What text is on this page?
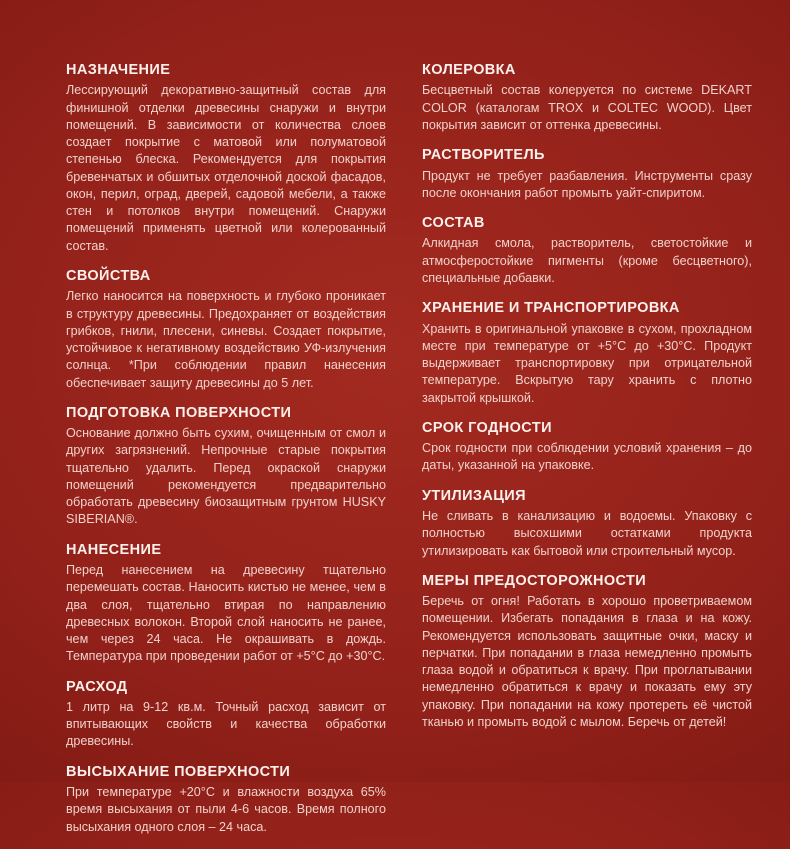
НАЗНАЧЕНИЕ

Лессирующий декоративно-защитный состав для финишной отделки древесины снаружи и внутри помещений. В зависимости от количества слоев создает покрытие с матовой или полуматовой степенью блеска. Рекомендуется для покрытия бревенчатых и обшитых отделочной доской фасадов, окон, перил, оград, дверей, садовой мебели, а также стен и потолков внутри помещений. Снаружи помещений применять цветной или колерованный состав.

СВОЙСТВА

Легко наносится на поверхность и глубоко проникает в структуру древесины. Предохраняет от воздействия грибков, гнили, плесени, синевы. Создает покрытие, устойчивое к негативному воздействию УФ-излучения солнца. *При соблюдении правил нанесения обеспечивает защиту древесины до 5 лет.

ПОДГОТОВКА ПОВЕРХНОСТИ

Основание должно быть сухим, очищенным от смол и других загрязнений. Непрочные старые покрытия тщательно удалить. Перед окраской снаружи помещений рекомендуется предварительно обработать древесину биозащитным грунтом HUSKY SIBERIAN®.

НАНЕСЕНИЕ

Перед нанесением на древесину тщательно перемешать состав. Наносить кистью не менее, чем в два слоя, тщательно втирая по направлению древесных волокон. Второй слой наносить не ранее, чем через 24 часа. Не окрашивать в дождь. Температура при проведении работ от +5°С до +30°С.

РАСХОД

1 литр на 9-12 кв.м. Точный расход зависит от впитывающих свойств и качества обработки древесины.

ВЫСЫХАНИЕ ПОВЕРХНОСТИ

При температуре +20°С и влажности воздуха 65% время высыхания от пыли 4-6 часов. Время полного высыхания одного слоя – 24 часа.

КОЛЕРОВКА

Бесцветный состав колеруется по системе DEKART COLOR (каталогам TROX и COLTEC WOOD). Цвет покрытия зависит от оттенка древесины.

РАСТВОРИТЕЛЬ

Продукт не требует разбавления. Инструменты сразу после окончания работ промыть уайт-спиритом.

СОСТАВ

Алкидная смола, растворитель, светостойкие и атмосферостойкие пигменты (кроме бесцветного), специальные добавки.

ХРАНЕНИЕ И ТРАНСПОРТИРОВКА

Хранить в оригинальной упаковке в сухом, прохладном месте при температуре от +5°С до +30°С. Продукт выдерживает транспортировку при отрицательной температуре. Вскрытую тару хранить с плотно закрытой крышкой.

СРОК ГОДНОСТИ

Срок годности при соблюдении условий хранения – до даты, указанной на упаковке.

УТИЛИЗАЦИЯ

Не сливать в канализацию и водоемы. Упаковку с полностью высохшими остатками продукта утилизировать как бытовой или строительный мусор.

МЕРЫ ПРЕДОСТОРОЖНОСТИ

Беречь от огня! Работать в хорошо проветриваемом помещении. Избегать попадания в глаза и на кожу. Рекомендуется использовать защитные очки, маску и перчатки. При попадании в глаза немедленно промыть глаза водой и обратиться к врачу. При проглатывании немедленно обратиться к врачу и показать ему эту упаковку. При попадании на кожу протереть её чистой тканью и промыть водой с мылом. Беречь от детей!
